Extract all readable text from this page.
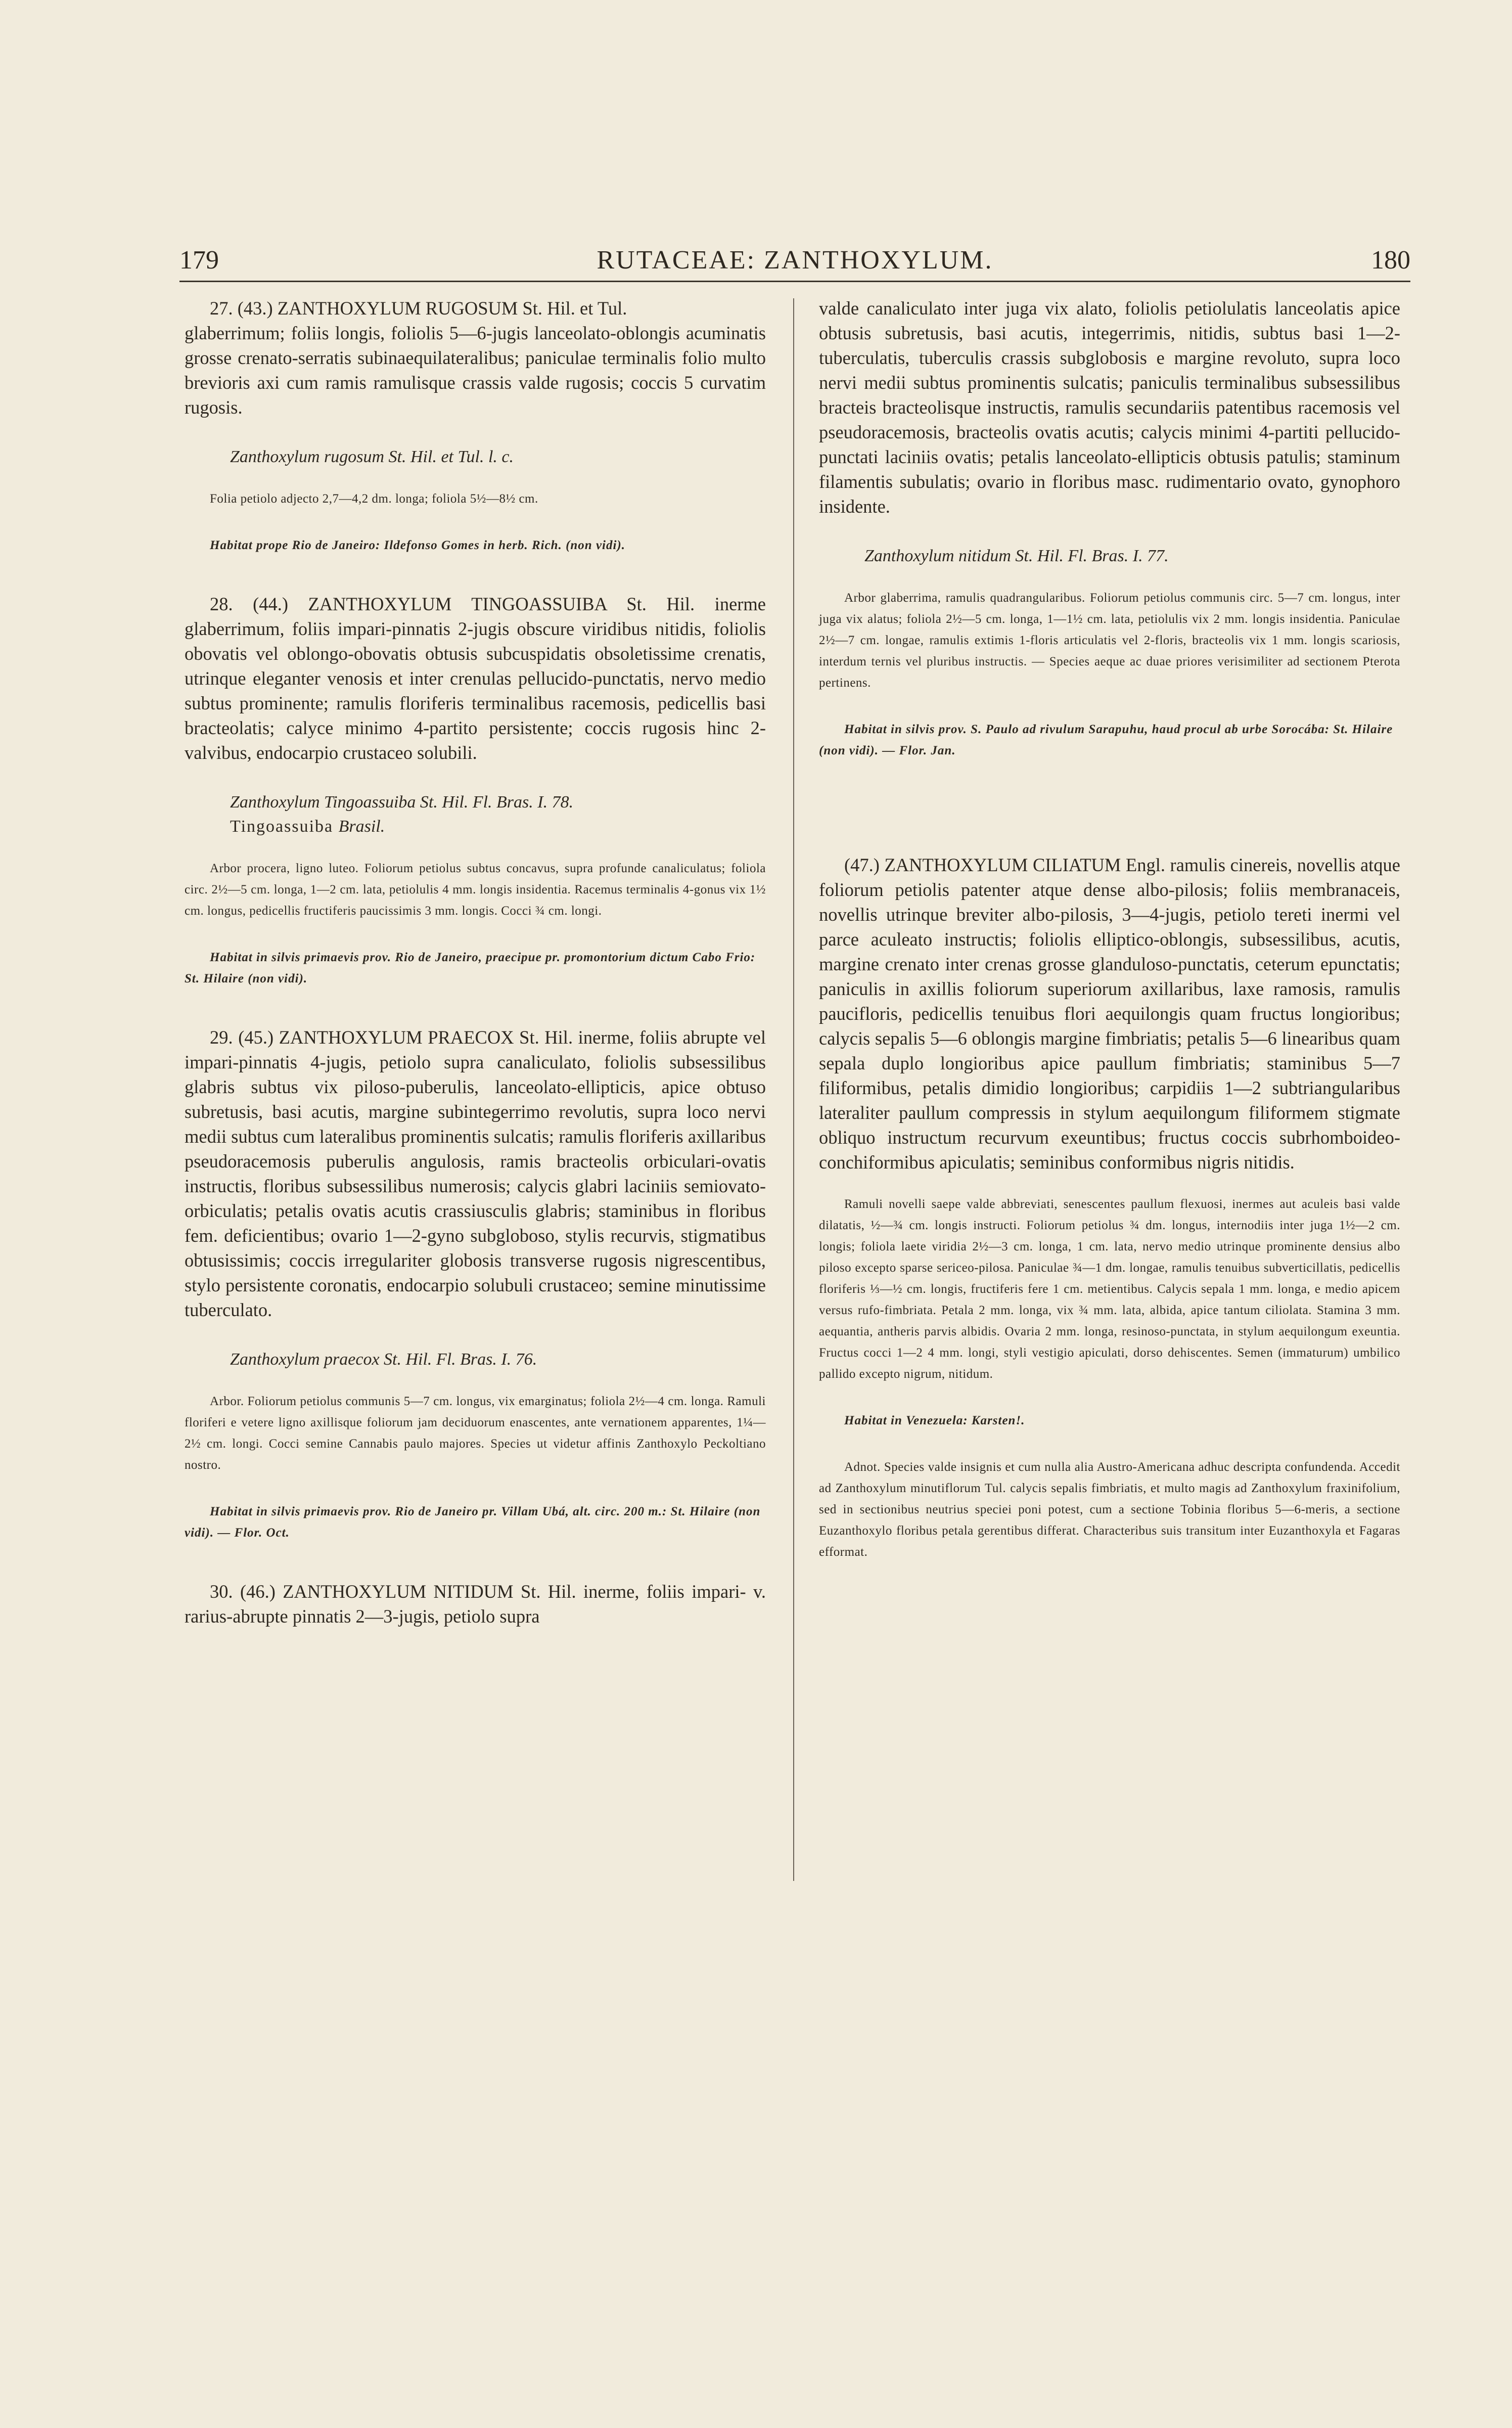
179	RUTACEAE: ZANTHOXYLUM.	180

27. (43.) ZANTHOXYLUM RUGOSUM St. Hil. et Tul.
glaberrimum; foliis longis, foliolis 5—6-jugis lanceolato-oblongis acuminatis grosse crenato-serratis subinaequilateralibus; paniculae terminalis folio multo brevioris axi cum ramis ramulisque crassis valde rugosis; coccis 5 curvatim rugosis.

Zanthoxylum rugosum St. Hil. et Tul. l. c.

Folia petiolo adjecto 2,7—4,2 dm. longa; foliola 5½—8½ cm.

Habitat prope Rio de Janeiro: Ildefonso Gomes in herb. Rich. (non vidi).

28. (44.) ZANTHOXYLUM TINGOASSUIBA St. Hil. inerme glaberrimum, foliis impari-pinnatis 2-jugis obscure viridibus nitidis, foliolis obovatis vel oblongo-obovatis obtusis subcuspidatis obsoletissime crenatis, utrinque eleganter venosis et inter crenulas pellucido-punctatis, nervo medio subtus prominente; ramulis floriferis terminalibus racemosis, pedicellis basi bracteolatis; calyce minimo 4-partito persistente; coccis rugosis hinc 2-valvibus, endocarpio crustaceo solubili.

Zanthoxylum Tingoassuiba St. Hil. Fl. Bras. I. 78.

Tingoassuiba Brasil.

Arbor procera, ligno luteo. Foliorum petiolus subtus concavus, supra profunde canaliculatus; foliola circ. 2½—5 cm. longa, 1—2 cm. lata, petiolulis 4 mm. longis insidentia. Racemus terminalis 4-gonus vix 1½ cm. longus, pedicellis fructiferis paucissimis 3 mm. longis. Cocci ¾ cm. longi.

Habitat in silvis primaevis prov. Rio de Janeiro, praecipue pr. promontorium dictum Cabo Frio: St. Hilaire (non vidi).

29. (45.) ZANTHOXYLUM PRAECOX St. Hil. inerme, foliis abrupte vel impari-pinnatis 4-jugis, petiolo supra canaliculato, foliolis subsessilibus glabris subtus vix piloso-puberulis, lanceolato-ellipticis, apice obtuso subretusis, basi acutis, margine subintegerrimo revolutis, supra loco nervi medii subtus cum lateralibus prominentis sulcatis; ramulis floriferis axillaribus pseudoracemosis puberulis angulosis, ramis bracteolis orbiculari-ovatis instructis, floribus subsessilibus numerosis; calycis glabri laciniis semiovato-orbiculatis; petalis ovatis acutis crassiusculis glabris; staminibus in floribus fem. deficientibus; ovario 1—2-gyno subgloboso, stylis recurvis, stigmatibus obtusissimis; coccis irregulariter globosis transverse rugosis nigrescentibus, stylo persistente coronatis, endocarpio solubuli crustaceo; semine minutissime tuberculato.

Zanthoxylum praecox St. Hil. Fl. Bras. I. 76.

Arbor. Foliorum petiolus communis 5—7 cm. longus, vix emarginatus; foliola 2½—4 cm. longa. Ramuli floriferi e vetere ligno axillisque foliorum jam deciduorum enascentes, ante vernationem apparentes, 1¼—2½ cm. longi. Cocci semine Cannabis paulo majores. Species ut videtur affinis Zanthoxylo Peckoltiano nostro.

Habitat in silvis primaevis prov. Rio de Janeiro pr. Villam Ubá, alt. circ. 200 m.: St. Hilaire (non vidi). — Flor. Oct.

30. (46.) ZANTHOXYLUM NITIDUM St. Hil. inerme, foliis impari- v. rarius-abrupte pinnatis 2—3-jugis, petiolo supra

valde canaliculato inter juga vix alato, foliolis petiolulatis lanceolatis apice obtusis subretusis, basi acutis, integerrimis, nitidis, subtus basi 1—2-tuberculatis, tuberculis crassis subglobosis e margine revoluto, supra loco nervi medii subtus prominentis sulcatis; paniculis terminalibus subsessilibus bracteis bracteolisque instructis, ramulis secundariis patentibus racemosis vel pseudoracemosis, bracteolis ovatis acutis; calycis minimi 4-partiti pellucido-punctati laciniis ovatis; petalis lanceolato-ellipticis obtusis patulis; staminum filamentis subulatis; ovario in floribus masc. rudimentario ovato, gynophoro insidente.

Zanthoxylum nitidum St. Hil. Fl. Bras. I. 77.

Arbor glaberrima, ramulis quadrangularibus. Foliorum petiolus communis circ. 5—7 cm. longus, inter juga vix alatus; foliola 2½—5 cm. longa, 1—1½ cm. lata, petiolulis vix 2 mm. longis insidentia. Paniculae 2½—7 cm. longae, ramulis extimis 1-floris articulatis vel 2-floris, bracteolis vix 1 mm. longis scariosis, interdum ternis vel pluribus instructis. — Species aeque ac duae priores verisimiliter ad sectionem Pterota pertinens.

Habitat in silvis prov. S. Paulo ad rivulum Sarapuhu, haud procul ab urbe Sorocába: St. Hilaire (non vidi). — Flor. Jan.

(47.) ZANTHOXYLUM CILIATUM Engl. ramulis cinereis, novellis atque foliorum petiolis patenter atque dense albo-pilosis; foliis membranaceis, novellis utrinque breviter albo-pilosis, 3—4-jugis, petiolo tereti inermi vel parce aculeato instructis; foliolis elliptico-oblongis, subsessilibus, acutis, margine crenato inter crenas grosse glanduloso-punctatis, ceterum epunctatis; paniculis in axillis foliorum superiorum axillaribus, laxe ramosis, ramulis paucifloris, pedicellis tenuibus flori aequilongis quam fructus longioribus; calycis sepalis 5—6 oblongis margine fimbriatis; petalis 5—6 linearibus quam sepala duplo longioribus apice paullum fimbriatis; staminibus 5—7 filiformibus, petalis dimidio longioribus; carpidiis 1—2 subtriangularibus lateraliter paullum compressis in stylum aequilongum filiformem stigmate obliquo instructum recurvum exeuntibus; fructus coccis subrhomboideo-conchiformibus apiculatis; seminibus conformibus nigris nitidis.

Ramuli novelli saepe valde abbreviati, senescentes paullum flexuosi, inermes aut aculeis basi valde dilatatis, ½—¾ cm. longis instructi. Foliorum petiolus ¾ dm. longus, internodiis inter juga 1½—2 cm. longis; foliola laete viridia 2½—3 cm. longa, 1 cm. lata, nervo medio utrinque prominente densius albo piloso excepto sparse sericeo-pilosa. Paniculae ¾—1 dm. longae, ramulis tenuibus subverticillatis, pedicellis floriferis ⅓—½ cm. longis, fructiferis fere 1 cm. metientibus. Calycis sepala 1 mm. longa, e medio apicem versus rufo-fimbriata. Petala 2 mm. longa, vix ¾ mm. lata, albida, apice tantum ciliolata. Stamina 3 mm. aequantia, antheris parvis albidis. Ovaria 2 mm. longa, resinoso-punctata, in stylum aequilongum exeuntia. Fructus cocci 1—2 4 mm. longi, styli vestigio apiculati, dorso dehiscentes. Semen (immaturum) umbilico pallido excepto nigrum, nitidum.

Habitat in Venezuela: Karsten!.

Adnot. Species valde insignis et cum nulla alia Austro-Americana adhuc descripta confundenda. Accedit ad Zanthoxylum minutiflorum Tul. calycis sepalis fimbriatis, et multo magis ad Zanthoxylum fraxinifolium, sed in sectionibus neutrius speciei poni potest, cum a sectione Tobinia floribus 5—6-meris, a sectione Euzanthoxylo floribus petala gerentibus differat. Characteribus suis transitum inter Euzanthoxyla et Fagaras efformat.
